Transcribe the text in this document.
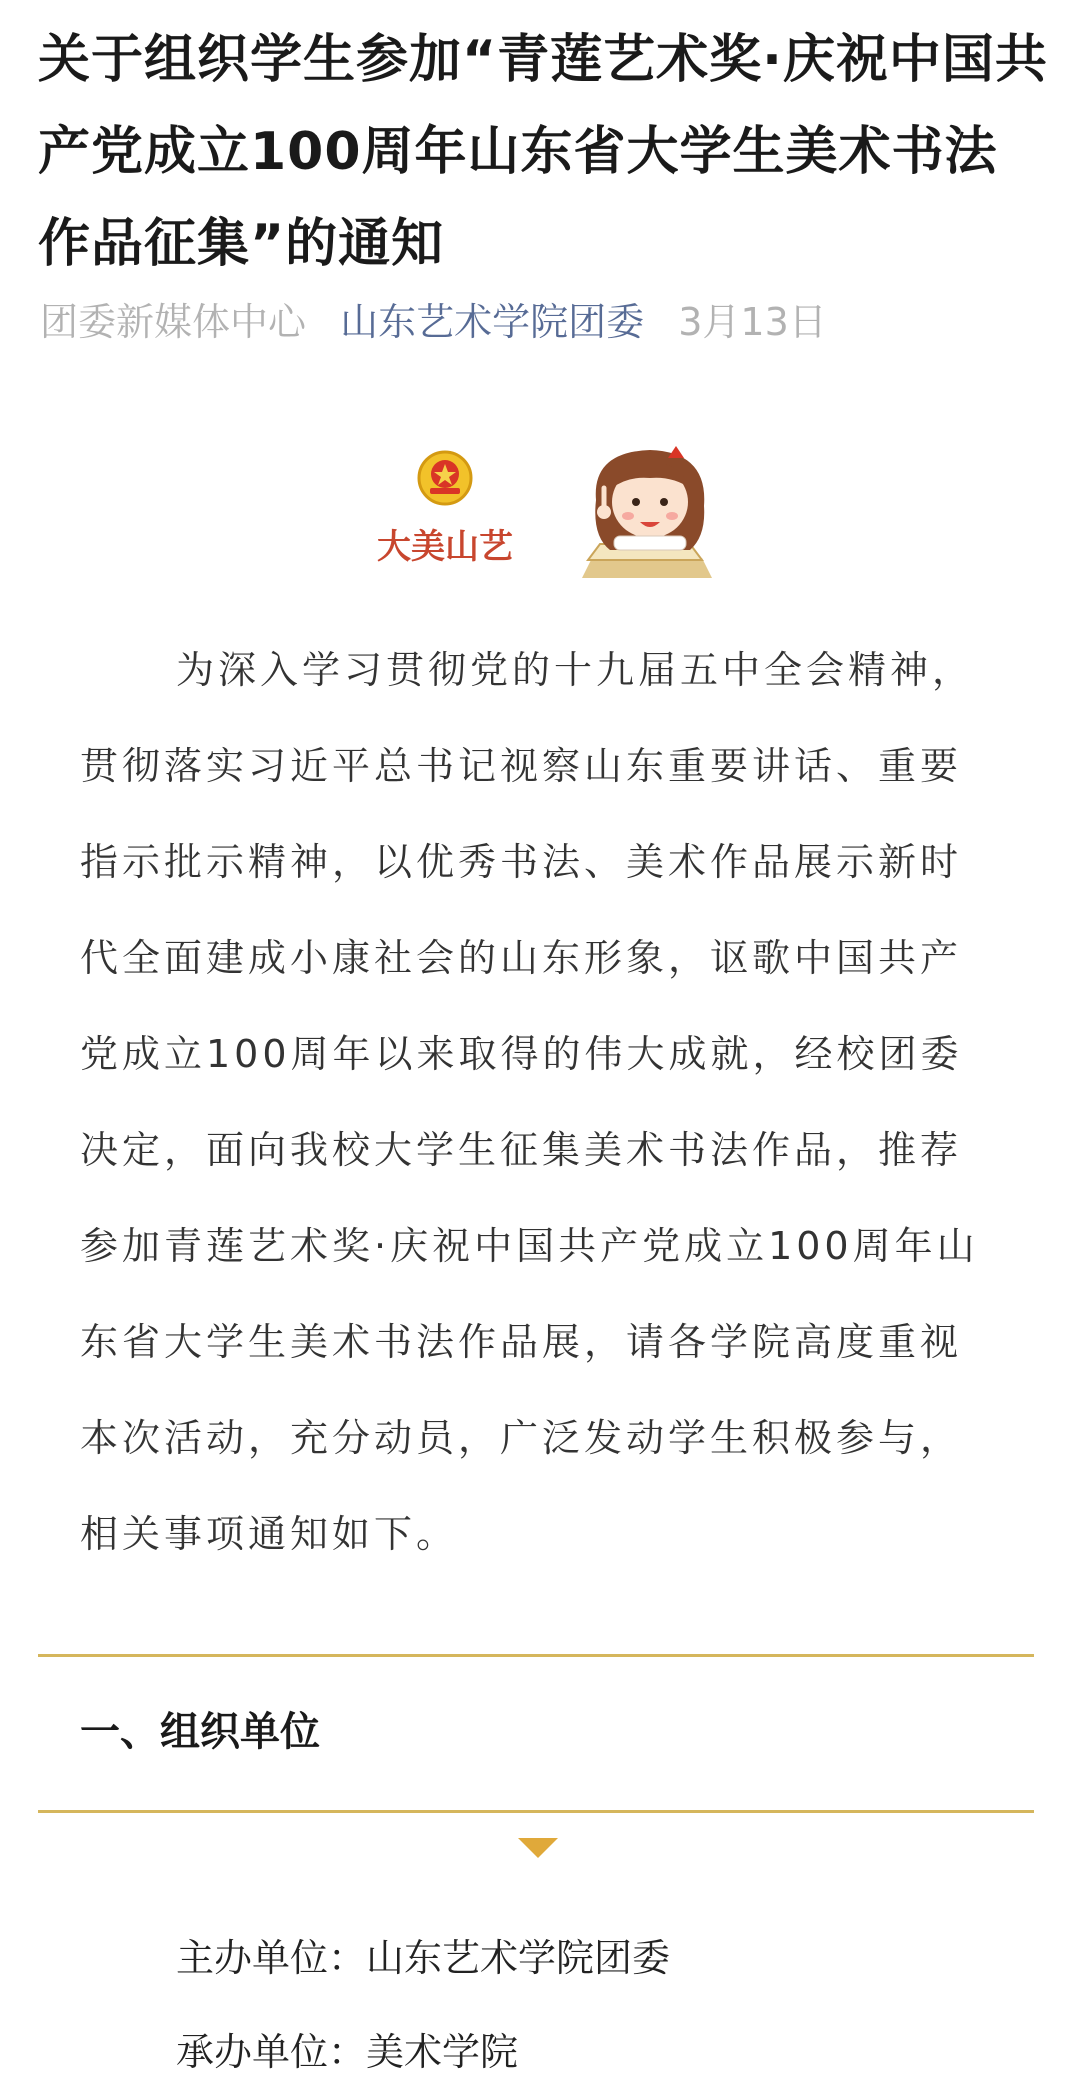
关于组织学生参加“青莲艺术奖·庆祝中国共产党成立100周年山东省大学生美术书法作品征集”的通知
团委新媒体中心 山东艺术学院团委 3月13日
大美山艺

为深入学习贯彻党的十九届五中全会精神，贯彻落实习近平总书记视察山东重要讲话、重要指示批示精神，以优秀书法、美术作品展示新时代全面建成小康社会的山东形象，讴歌中国共产党成立100周年以来取得的伟大成就，经校团委决定，面向我校大学生征集美术书法作品，推荐参加青莲艺术奖·庆祝中国共产党成立100周年山东省大学生美术书法作品展，请各学院高度重视本次活动，充分动员，广泛发动学生积极参与，相关事项通知如下。

一、组织单位
主办单位：山东艺术学院团委
承办单位：美术学院
